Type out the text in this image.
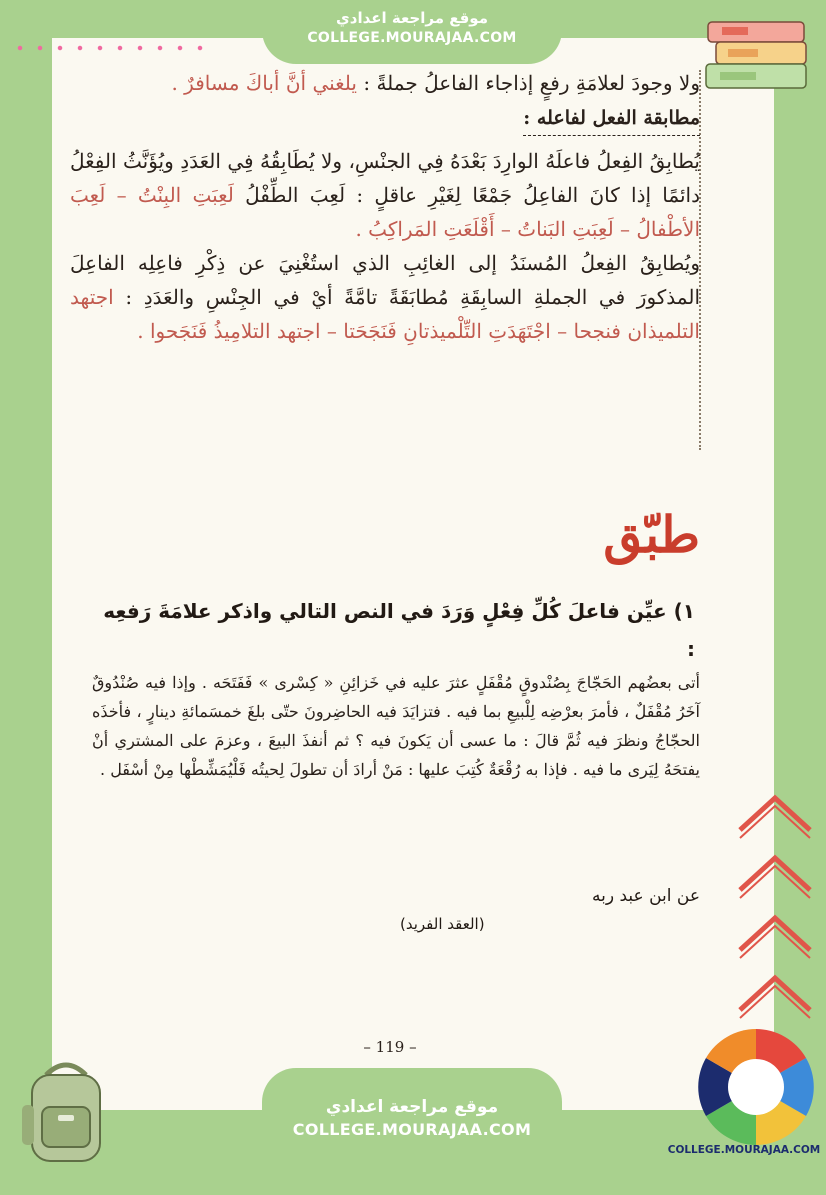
موقع مراجعة اعدادي
COLLEGE.MOURAJAA.COM
ولا وجودَ لعلامَةِ رفعٍ إذاجاء الفاعلُ جملةً : يلغني أنَّ أباكَ مسافرٌ .
مطابقة الفعل لفاعله :
يُطابِقُ الفِعلُ فاعلَهُ الوارِدَ بَعْدَهُ فِي الجنْسِ، ولا يُطَابِقُهُ فِي العَدَدِ ويُؤَنَّثُ الفِعْلُ دائمًا إذا كانَ الفاعِلُ جَمْعًا لِغَيْرِ عاقلٍ : لَعِبَ الطِّفْلُ لَعِبَتِ البِنْتُ – لَعِبَ الأطْفالُ – لَعِبَتِ البَناتُ – أَقْلَعَتِ المَراكِبُ .
ويُطابِقُ الفِعلُ المُسنَدُ إلى الغائِبِ الذي استُغْنِيَ عن ذِكْرِ فاعِلِه الفاعِلَ المذكورَ في الجملةِ السابِقَةِ مُطابَقَةً تامَّةً أيْ في الجِنْسِ والعَدَدِ : اجتهد التلميذان فنجحا – اجْتَهَدَتِ التِّلْميذتانِ فَنَجَحَتا – اجتهد التلامِيذُ فَنَجَحوا .
طبّق
١) عيِّن فاعلَ كُلِّ فِعْلٍ وَرَدَ في النص التالي واذكر علامَةَ رَفعِه :
أتى بعضُهم الحَجّاجَ بِصُنْدوقٍ مُقْفَلٍ عثرَ عليه في خَزائِنِ « كِسْرى » فَفَتَحَه . وإذا فيه صُنْدُوقٌ آخَرُ مُقْفَلٌ ، فأمرَ بعرْضِه لِلْبيعِ بما فيه . فتزايَدَ فيه الحاضِرونَ حتّى بلغَ خمسَمائةِ دينارٍ ، فأخذَه الحجّاجُ ونظرَ فيه ثُمَّ قالَ : ما عسى أن يَكونَ فيه ؟ ثم أنفذَ البيعَ ، وعزمَ على المشتري أنْ يفتحَهُ لِيَرى ما فيه . فإذا به رُقْعَةٌ كُتِبَ عليها : مَنْ أرادَ أن تطولَ لِحيتُه فَلْيُمَشِّطْها مِنْ أسْفَل .
عن ابن عبد ربه
(العقد الفريد)
– 119 –
موقع مراجعة اعدادي
COLLEGE.MOURAJAA.COM
COLLEGE.MOURAJAA.COM
